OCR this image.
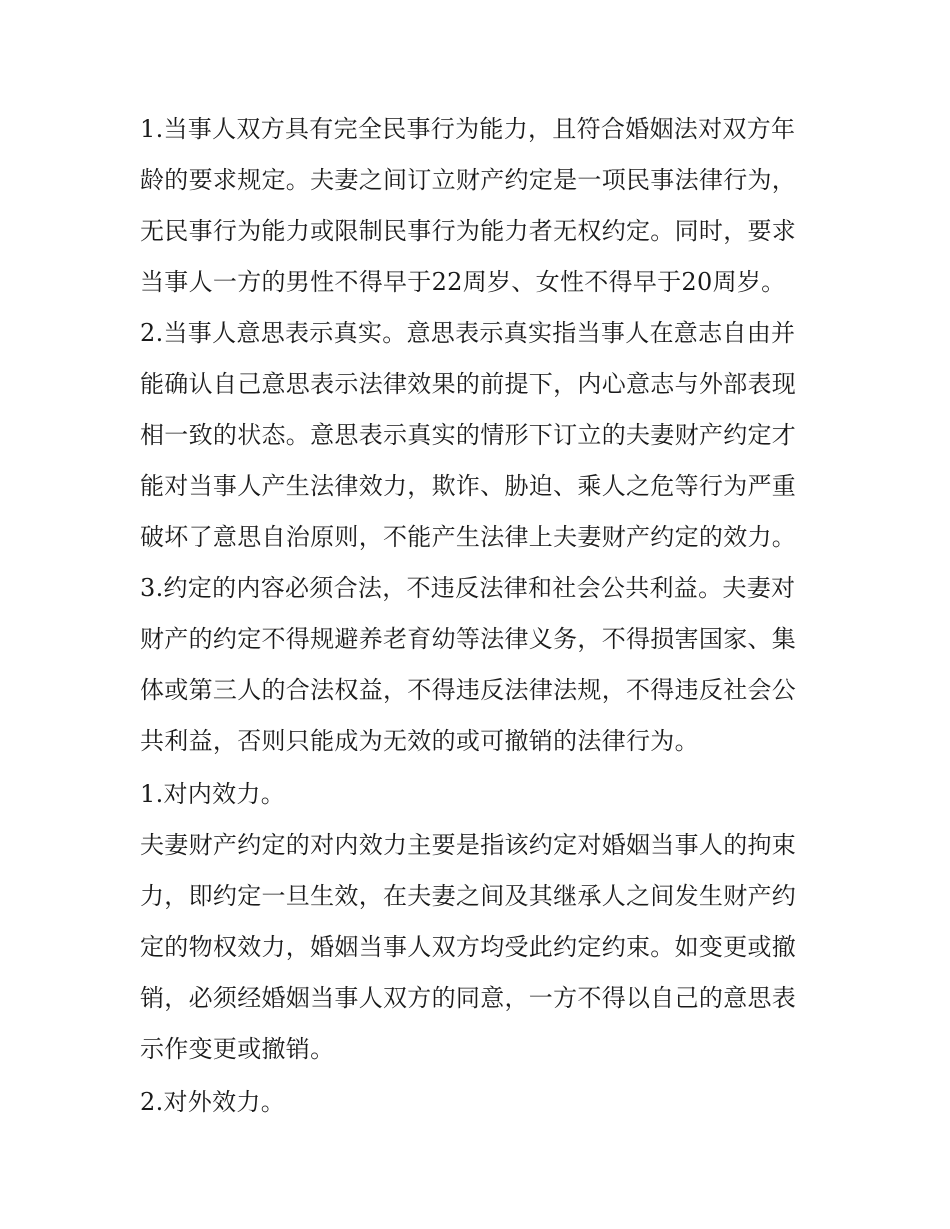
1.当事人双方具有完全民事行为能力，且符合婚姻法对双方年
龄的要求规定。夫妻之间订立财产约定是一项民事法律行为，
无民事行为能力或限制民事行为能力者无权约定。同时，要求
当事人一方的男性不得早于22周岁、女性不得早于20周岁。
2.当事人意思表示真实。意思表示真实指当事人在意志自由并
能确认自己意思表示法律效果的前提下，内心意志与外部表现
相一致的状态。意思表示真实的情形下订立的夫妻财产约定才
能对当事人产生法律效力，欺诈、胁迫、乘人之危等行为严重
破坏了意思自治原则，不能产生法律上夫妻财产约定的效力。
3.约定的内容必须合法，不违反法律和社会公共利益。夫妻对
财产的约定不得规避养老育幼等法律义务，不得损害国家、集
体或第三人的合法权益，不得违反法律法规，不得违反社会公
共利益，否则只能成为无效的或可撤销的法律行为。
1.对内效力。
夫妻财产约定的对内效力主要是指该约定对婚姻当事人的拘束
力，即约定一旦生效，在夫妻之间及其继承人之间发生财产约
定的物权效力，婚姻当事人双方均受此约定约束。如变更或撤
销，必须经婚姻当事人双方的同意，一方不得以自己的意思表
示作变更或撤销。
2.对外效力。
